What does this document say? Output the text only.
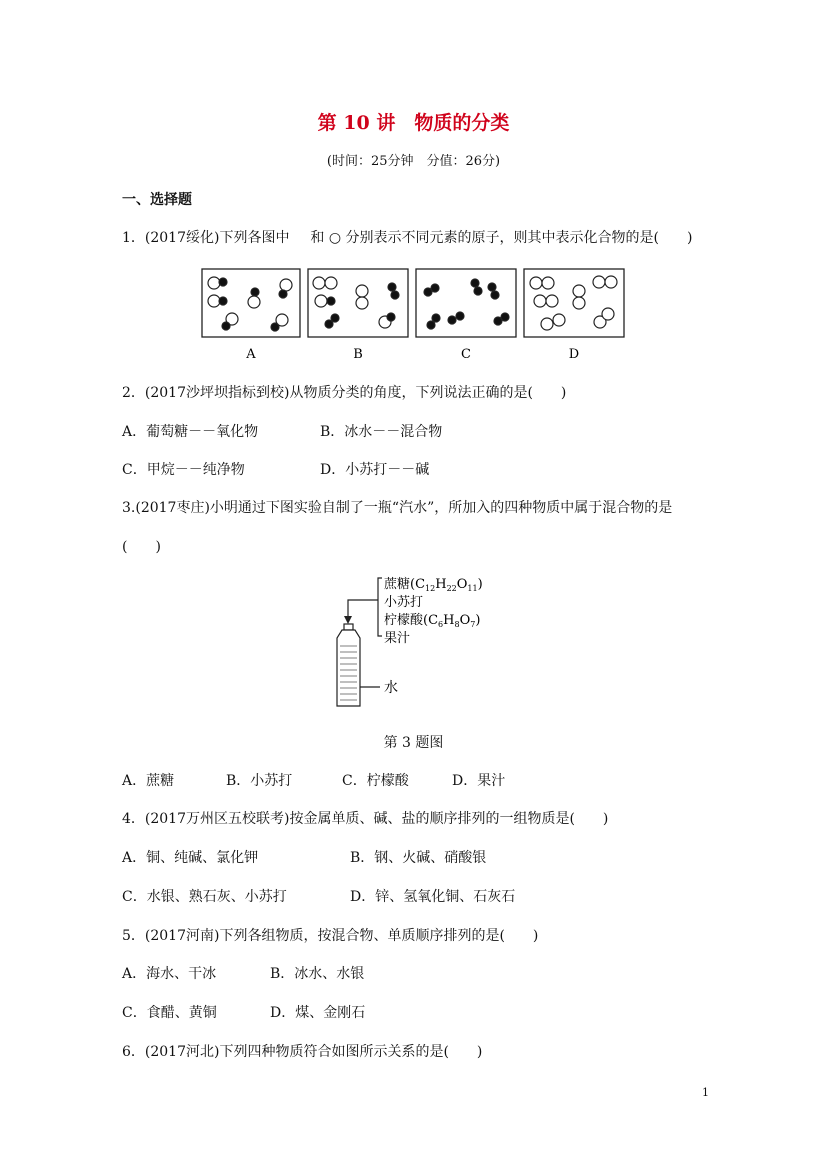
第 10 讲　物质的分类
(时间：25分钟　分值：26分)
一、选择题
1．(2017绥化)下列各图中 和 ○ 分别表示不同元素的原子，则其中表示化合物的是(　　)
A	B	C	D
2．(2017沙坪坝指标到校)从物质分类的角度，下列说法正确的是(　　)
A．葡萄糖－－氧化物	B．冰水－－混合物
C．甲烷－－纯净物	D．小苏打－－碱
3.(2017枣庄)小明通过下图实验自制了一瓶“汽水”，所加入的四种物质中属于混合物的是
(　　)
水
蔗糖$(C_{12}H_{22}O_{11})$
小苏打
柠檬酸$(C_6H_8O_7)$
果汁
第 3 题图
A．蔗糖	B．小苏打	C．柠檬酸	D．果汁
4．(2017万州区五校联考)按金属单质、碱、盐的顺序排列的一组物质是(　　)
A．铜、纯碱、氯化钾	B．钢、火碱、硝酸银
C．水银、熟石灰、小苏打	D．锌、氢氧化铜、石灰石
5．(2017河南)下列各组物质，按混合物、单质顺序排列的是(　　)
A．海水、干冰	B．冰水、水银
C．食醋、黄铜	D．煤、金刚石
6．(2017河北)下列四种物质符合如图所示关系的是(　　)
1
